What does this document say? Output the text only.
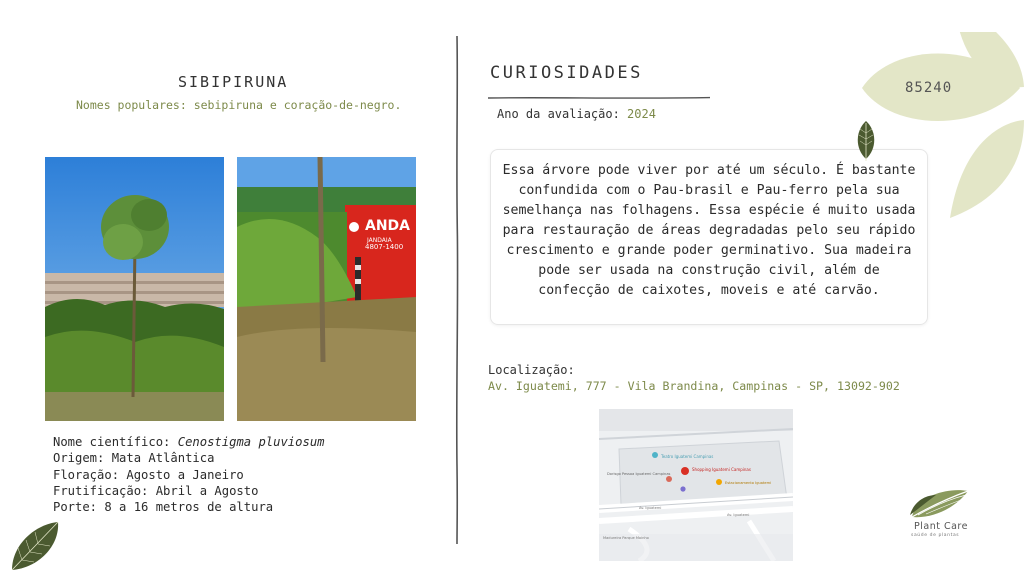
SIBIPIRUNA
Nomes populares: sebipiruna e coração-de-negro.
ANDA
JANDAIA
4807-1400
Nome científico: Cenostigma pluviosum
Origem: Mata Atlântica
Floração: Agosto a Janeiro
Frutificação: Abril a Agosto
Porte: 8 a 16 metros de altura
CURIOSIDADES
Ano da avaliação: 2024

Essa árvore pode viver por até um século. É bastante confundida com o Pau-brasil e Pau-ferro pela sua semelhança nas folhagens. Essa espécie é muito usada para restauração de áreas degradadas pelo seu rápido crescimento e grande poder germinativo. Sua madeira pode ser usada na construção civil, além de confecção de caixotes, moveis e até carvão.

Localização:
Av. Iguatemi, 777 - Vila Brandina, Campinas - SP, 13092-902
Teatro Iguatemi Campinas
Shopping Iguatemi Campinas
Dorisgo Pessoa Iguatemi Campinas
Estacionamento Iguatemi
Av. Iguatemi
Av. Iguatemi
Madureira Parque Moinho
85240
Plant Care
saúde de plantas
